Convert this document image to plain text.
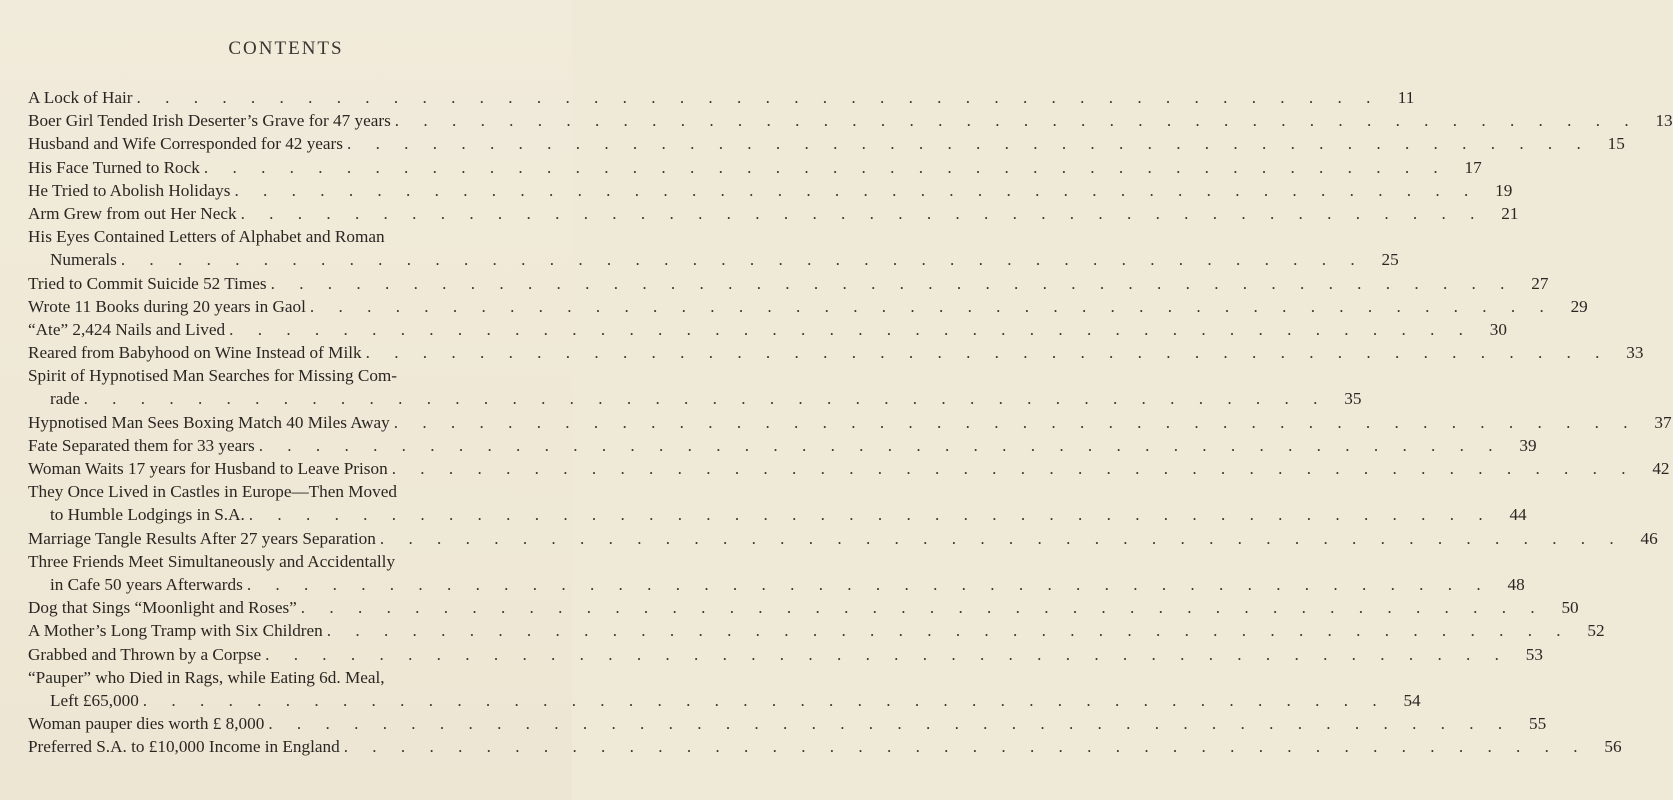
CONTENTS
A Lock of Hair . . . . . . . . . . . . . . . . . . . . . . . . . . . . . . . . . . . . . . . . . . . .	11
Boer Girl Tended Irish Deserter’s Grave for 47 years . . . . . . . . . . . . . . . . . . . . . . . . . . . . . . . . . . . . . . . . . . . . 13
Husband and Wife Corresponded for 42 years . . . . . . . . . . . . . . . . . . . . . . . . . . . . . . . . . . . . . . . . . . . . 15
His Face Turned to Rock . . . . . . . . . . . . . . . . . . . . . . . . . . . . . . . . . . . . . . . . . . . . 17
He Tried to Abolish Holidays . . . . . . . . . . . . . . . . . . . . . . . . . . . . . . . . . . . . . . . . . . . . 19
Arm Grew from out Her Neck . . . . . . . . . . . . . . . . . . . . . . . . . . . . . . . . . . . . . . . . . . . . 21
His Eyes Contained Letters of Alphabet and Roman
Numerals . . . . . . . . . . . . . . . . . . . . . . . . . . . . . . . . . . . . . . . . . . . . 25
Tried to Commit Suicide 52 Times . . . . . . . . . . . . . . . . . . . . . . . . . . . . . . . . . . . . . . . . . . . . 27
Wrote 11 Books during 20 years in Gaol . . . . . . . . . . . . . . . . . . . . . . . . . . . . . . . . . . . . . . . . . . . . 29
“Ate” 2,424 Nails and Lived . . . . . . . . . . . . . . . . . . . . . . . . . . . . . . . . . . . . . . . . . . . . 30
Reared from Babyhood on Wine Instead of Milk . . . . . . . . . . . . . . . . . . . . . . . . . . . . . . . . . . . . . . . . . . . . 33
Spirit of Hypnotised Man Searches for Missing Com-
rade . . . . . . . . . . . . . . . . . . . . . . . . . . . . . . . . . . . . . . . . . . . . 35
Hypnotised Man Sees Boxing Match 40 Miles Away . . . . . . . . . . . . . . . . . . . . . . . . . . . . . . . . . . . . . . . . . . . . 37
Fate Separated them for 33 years . . . . . . . . . . . . . . . . . . . . . . . . . . . . . . . . . . . . . . . . . . . . 39
Woman Waits 17 years for Husband to Leave Prison . . . . . . . . . . . . . . . . . . . . . . . . . . . . . . . . . . . . . . . . . . . . 42
They Once Lived in Castles in Europe—Then Moved
to Humble Lodgings in S.A. . . . . . . . . . . . . . . . . . . . . . . . . . . . . . . . . . . . . . . . . . . . . 44
Marriage Tangle Results After 27 years Separation . . . . . . . . . . . . . . . . . . . . . . . . . . . . . . . . . . . . . . . . . . . . 46
Three Friends Meet Simultaneously and Accidentally
in Cafe 50 years Afterwards . . . . . . . . . . . . . . . . . . . . . . . . . . . . . . . . . . . . . . . . . . . . 48
Dog that Sings “Moonlight and Roses” . . . . . . . . . . . . . . . . . . . . . . . . . . . . . . . . . . . . . . . . . . . . 50
A Mother’s Long Tramp with Six Children . . . . . . . . . . . . . . . . . . . . . . . . . . . . . . . . . . . . . . . . . . . . 52
Grabbed and Thrown by a Corpse . . . . . . . . . . . . . . . . . . . . . . . . . . . . . . . . . . . . . . . . . . . . 53
“Pauper” who Died in Rags, while Eating 6d. Meal,
Left £65,000 . . . . . . . . . . . . . . . . . . . . . . . . . . . . . . . . . . . . . . . . . . . . 54
Woman pauper dies worth £ 8,000 . . . . . . . . . . . . . . . . . . . . . . . . . . . . . . . . . . . . . . . . . . . . 55
Preferred S.A. to £10,000 Income in England . . . . . . . . . . . . . . . . . . . . . . . . . . . . . . . . . . . . . . . . . . . . 56
